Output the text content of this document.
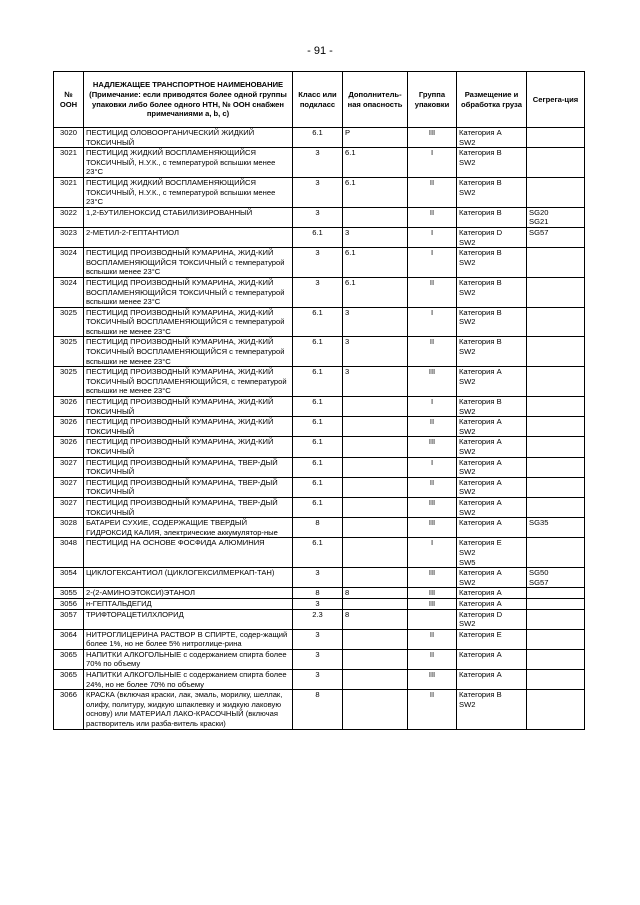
- 91 -
№ ООН	НАДЛЕЖАЩЕЕ ТРАНСПОРТНОЕ НАИМЕНОВАНИЕ
(Примечание: если приводятся более одной группы упаковки либо более одного НТН, № ООН снабжен примечаниями a, b, c)	Класс или подкласс	Дополнитель-ная опасность	Группа упаковки	Размещение и обработка груза	Сегрега-ция
3020	ПЕСТИЦИД ОЛОВООРГАНИЧЕСКИЙ ЖИДКИЙ ТОКСИЧНЫЙ	6.1	P	III	Категория A
SW2	

3021	ПЕСТИЦИД ЖИДКИЙ ВОСПЛАМЕНЯЮЩИЙСЯ ТОКСИЧНЫЙ, Н.У.К., с температурой вспышки менее 23°C	3	6.1	I	Категория B
SW2	

3021	ПЕСТИЦИД ЖИДКИЙ ВОСПЛАМЕНЯЮЩИЙСЯ ТОКСИЧНЫЙ, Н.У.К., с температурой вспышки менее 23°C	3	6.1	II	Категория B
SW2	

3022	1,2-БУТИЛЕНОКСИД СТАБИЛИЗИРОВАННЫЙ	3		II	Категория B	SG20
SG21

3023	2-МЕТИЛ-2-ГЕПТАНТИОЛ	6.1	3	I	Категория D
SW2	SG57

3024	ПЕСТИЦИД ПРОИЗВОДНЫЙ КУМАРИНА, ЖИД-КИЙ ВОСПЛАМЕНЯЮЩИЙСЯ ТОКСИЧНЫЙ с температурой вспышки менее 23°C	3	6.1	I	Категория B
SW2	

3024	ПЕСТИЦИД ПРОИЗВОДНЫЙ КУМАРИНА, ЖИД-КИЙ ВОСПЛАМЕНЯЮЩИЙСЯ ТОКСИЧНЫЙ с температурой вспышки менее 23°C	3	6.1	II	Категория B
SW2	

3025	ПЕСТИЦИД ПРОИЗВОДНЫЙ КУМАРИНА, ЖИД-КИЙ ТОКСИЧНЫЙ ВОСПЛАМЕНЯЮЩИЙСЯ с температурой вспышки не менее 23°C	6.1	3	I	Категория B
SW2	

3025	ПЕСТИЦИД ПРОИЗВОДНЫЙ КУМАРИНА, ЖИД-КИЙ ТОКСИЧНЫЙ ВОСПЛАМЕНЯЮЩИЙСЯ с температурой вспышки не менее 23°C	6.1	3	II	Категория B
SW2	

3025	ПЕСТИЦИД ПРОИЗВОДНЫЙ КУМАРИНА, ЖИД-КИЙ ТОКСИЧНЫЙ ВОСПЛАМЕНЯЮЩИЙСЯ, с температурой вспышки не менее 23°C	6.1	3	III	Категория A
SW2	

3026	ПЕСТИЦИД ПРОИЗВОДНЫЙ КУМАРИНА, ЖИД-КИЙ ТОКСИЧНЫЙ	6.1		I	Категория B
SW2	

3026	ПЕСТИЦИД ПРОИЗВОДНЫЙ КУМАРИНА, ЖИД-КИЙ ТОКСИЧНЫЙ	6.1		II	Категория A
SW2	

3026	ПЕСТИЦИД ПРОИЗВОДНЫЙ КУМАРИНА, ЖИД-КИЙ ТОКСИЧНЫЙ	6.1		III	Категория A
SW2	

3027	ПЕСТИЦИД ПРОИЗВОДНЫЙ КУМАРИНА, ТВЕР-ДЫЙ ТОКСИЧНЫЙ	6.1		I	Категория A
SW2	

3027	ПЕСТИЦИД ПРОИЗВОДНЫЙ КУМАРИНА, ТВЕР-ДЫЙ ТОКСИЧНЫЙ	6.1		II	Категория A
SW2	

3027	ПЕСТИЦИД ПРОИЗВОДНЫЙ КУМАРИНА, ТВЕР-ДЫЙ ТОКСИЧНЫЙ	6.1		III	Категория A
SW2	

3028	БАТАРЕИ СУХИЕ, СОДЕРЖАЩИЕ ТВЕРДЫЙ ГИДРОКСИД КАЛИЯ, электрические аккумулятор-ные	8		III	Категория A	SG35

3048	ПЕСТИЦИД НА ОСНОВЕ ФОСФИДА АЛЮМИНИЯ	6.1		I	Категория E
SW2
SW5	

3054	ЦИКЛОГЕКСАНТИОЛ (ЦИКЛОГЕКСИЛМЕРКАП-ТАН)	3		III	Категория A
SW2	SG50
SG57

3055	2-(2-АМИНОЭТОКСИ)ЭТАНОЛ	8	8	III	Категория A	

3056	н-ГЕПТАЛЬДЕГИД	3		III	Категория A	

3057	ТРИФТОРАЦЕТИЛХЛОРИД	2.3	8		Категория D
SW2	

3064	НИТРОГЛИЦЕРИНА РАСТВОР В СПИРТЕ, содер-жащий более 1%, но не более 5% нитроглице-рина	3		II	Категория E	

3065	НАПИТКИ АЛКОГОЛЬНЫЕ с содержанием спирта более 70% по объему	3		II	Категория A	

3065	НАПИТКИ АЛКОГОЛЬНЫЕ с содержанием спирта более 24%, но не более 70% по объему	3		III	Категория A	

3066	КРАСКА (включая краски, лак, эмаль, морилку, шеллак, олифу, политуру, жидкую шпаклевку и жидкую лаковую основу) или МАТЕРИАЛ ЛАКО-КРАСОЧНЫЙ (включая растворитель или разба-витель краски)	8		II	Категория B
SW2	
